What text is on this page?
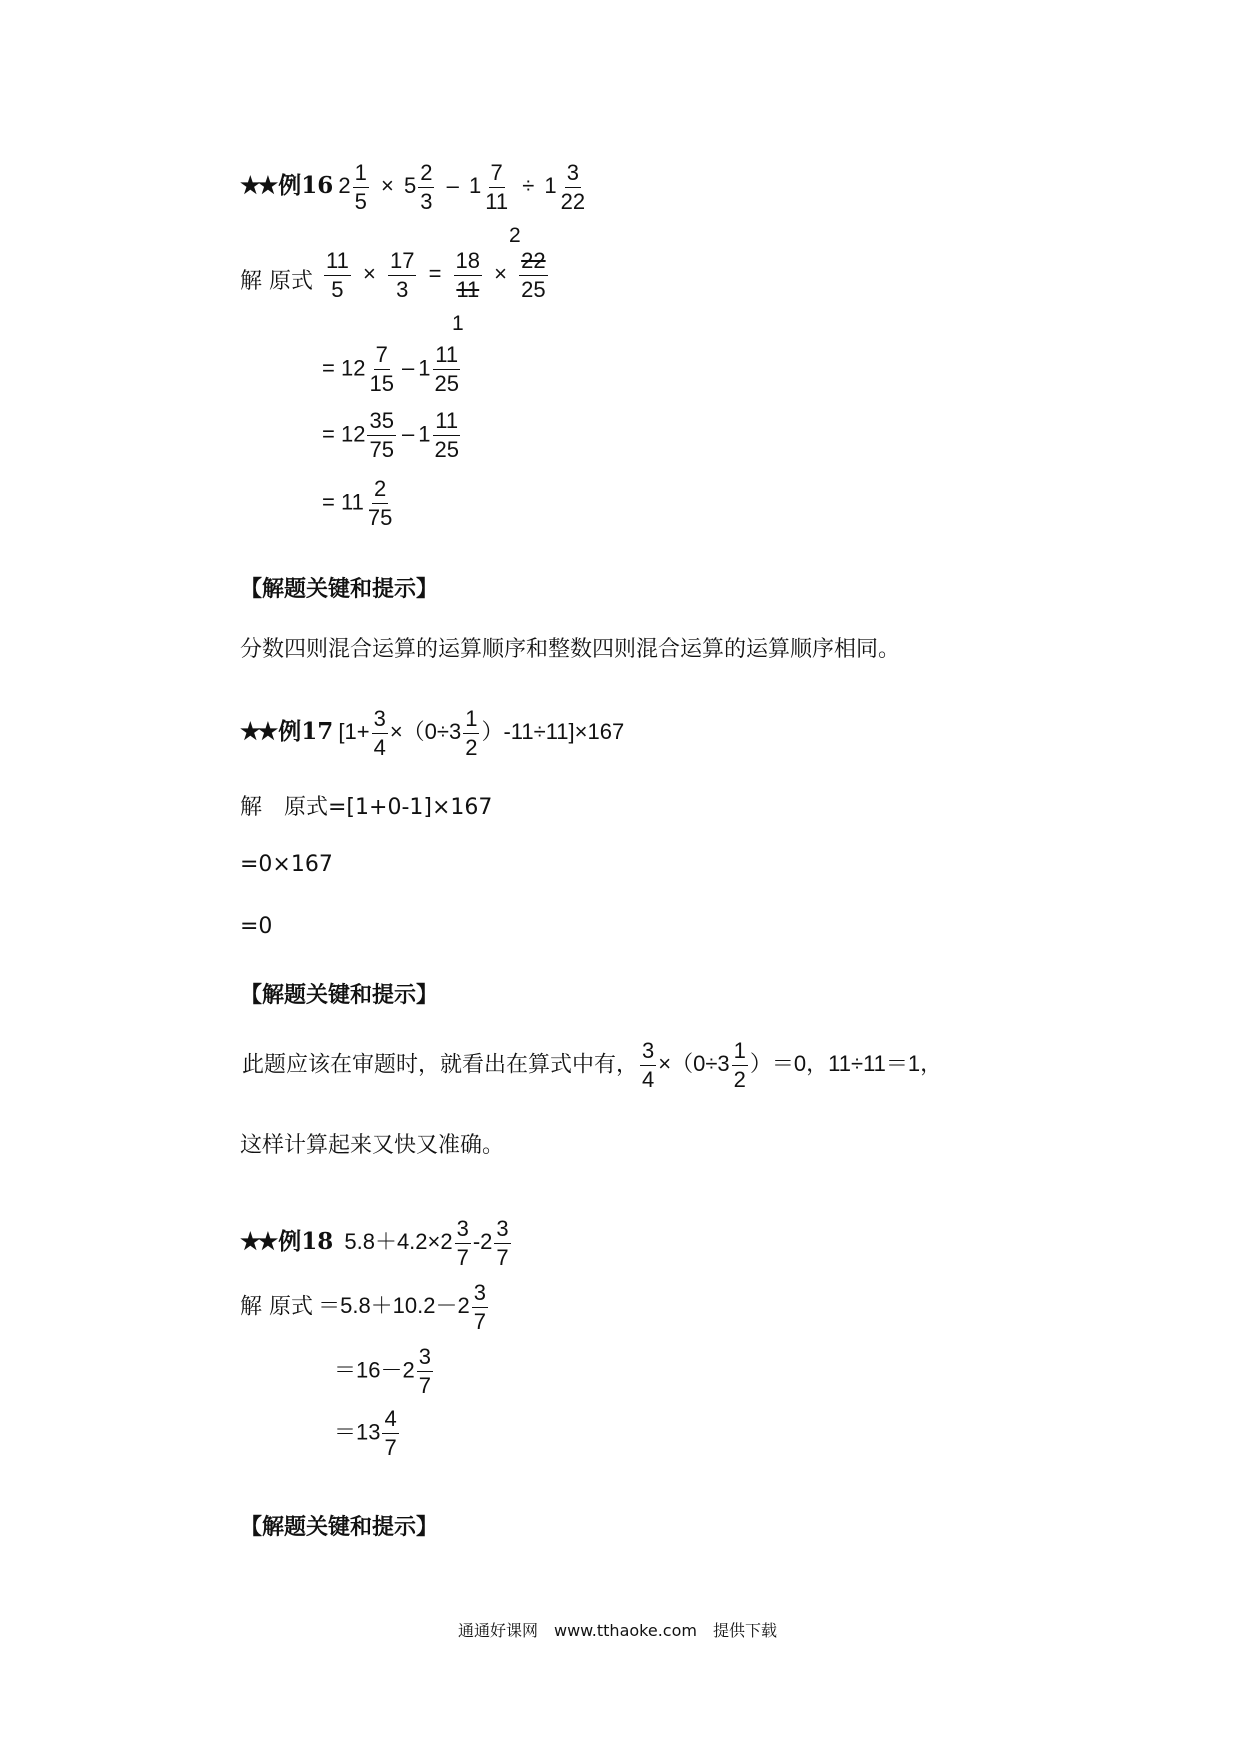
★★ 例16 $2 \frac{1}{5} \times 5 \frac{2}{3} - 1 \frac{7}{11} \div 1 \frac{3}{22}$
解 原式 $\frac{11}{5} \times \frac{17}{3} = \frac{18}{11} \times \frac{22}{25}$
2
1
= $12 \frac{7}{15} - 1 \frac{11}{25}$
= $12 \frac{35}{75} - 1 \frac{11}{25}$
= $11 \frac{2}{75}$
【解题关键和提示】
分数四则混合运算的运算顺序和整数四则混合运算的运算顺序相同。
★★ 例17 $[1+ \frac{3}{4} \times(0\div 3 \frac{1}{2} )-11\div 11]\times 167$
解　原式=[1+0-1]×167
=0×167
=0
【解题关键和提示】
此题应该在审题时，就看出在算式中有， $\frac{3}{4} \times(0\div 3 \frac{1}{2} )=0$，11÷11＝1，
这样计算起来又快又准确。
★★ 例18 $5.8+4.2\times 2 \frac{3}{7} -2 \frac{3}{7}$
解 原式 $=5.8+10.2-2 \frac{3}{7}$
$=16-2 \frac{3}{7}$
$=13 \frac{4}{7}$
【解题关键和提示】
通通好课网　www.tthaoke.com　提供下载
